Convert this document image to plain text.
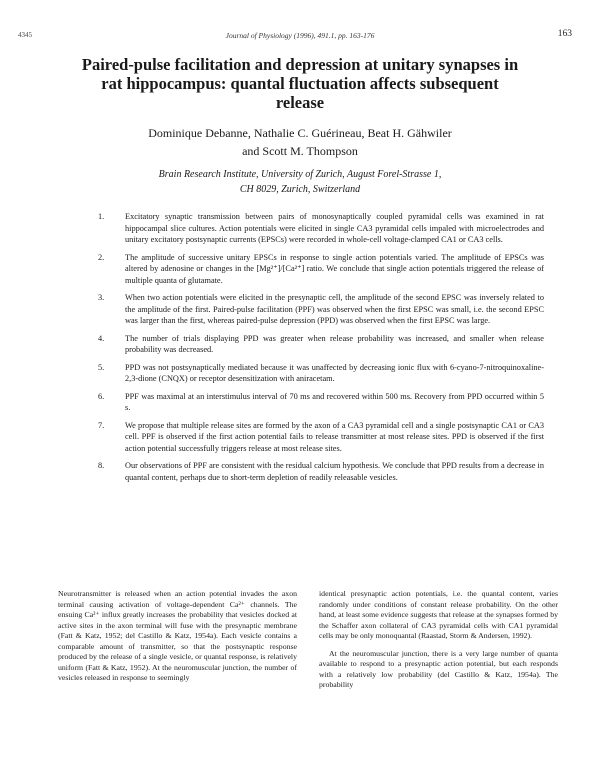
4345	Journal of Physiology (1996), 491.1, pp. 163-176	163
Paired-pulse facilitation and depression at unitary synapses in rat hippocampus: quantal fluctuation affects subsequent release
Dominique Debanne, Nathalie C. Guérineau, Beat H. Gähwiler
and Scott M. Thompson
Brain Research Institute, University of Zurich, August Forel-Strasse 1,
CH 8029, Zurich, Switzerland
1.	Excitatory synaptic transmission between pairs of monosynaptically coupled pyramidal cells was examined in rat hippocampal slice cultures. Action potentials were elicited in single CA3 pyramidal cells impaled with microelectrodes and unitary excitatory postsynaptic currents (EPSCs) were recorded in whole-cell voltage-clamped CA1 or CA3 cells.
2.	The amplitude of successive unitary EPSCs in response to single action potentials varied. The amplitude of EPSCs was altered by adenosine or changes in the [Mg²⁺]/[Ca²⁺] ratio. We conclude that single action potentials triggered the release of multiple quanta of glutamate.
3.	When two action potentials were elicited in the presynaptic cell, the amplitude of the second EPSC was inversely related to the amplitude of the first. Paired-pulse facilitation (PPF) was observed when the first EPSC was small, i.e. the second EPSC was larger than the first, whereas paired-pulse depression (PPD) was observed when the first EPSC was large.
4.	The number of trials displaying PPD was greater when release probability was increased, and smaller when release probability was decreased.
5.	PPD was not postsynaptically mediated because it was unaffected by decreasing ionic flux with 6-cyano-7-nitroquinoxaline-2,3-dione (CNQX) or receptor desensitization with aniracetam.
6.	PPF was maximal at an interstimulus interval of 70 ms and recovered within 500 ms. Recovery from PPD occurred within 5 s.
7.	We propose that multiple release sites are formed by the axon of a CA3 pyramidal cell and a single postsynaptic CA1 or CA3 cell. PPF is observed if the first action potential fails to release transmitter at most release sites. PPD is observed if the first action potential successfully triggers release at most release sites.
8.	Our observations of PPF are consistent with the residual calcium hypothesis. We conclude that PPD results from a decrease in quantal content, perhaps due to short-term depletion of readily releasable vesicles.

Neurotransmitter is released when an action potential invades the axon terminal causing activation of voltage-dependent Ca²⁺ channels. The ensuing Ca²⁺ influx greatly increases the probability that vesicles docked at active sites in the axon terminal will fuse with the presynaptic membrane (Fatt & Katz, 1952; del Castillo & Katz, 1954a). Each vesicle contains a comparable amount of transmitter, so that the postsynaptic response produced by the release of a single vesicle, or quantal response, is relatively uniform (Fatt & Katz, 1952). At the neuromuscular junction, the number of vesicles released in response to seemingly

identical presynaptic action potentials, i.e. the quantal content, varies randomly under conditions of constant release probability. On the other hand, at least some evidence suggests that release at the synapses formed by the Schaffer axon collateral of CA3 pyramidal cells with CA1 pyramidal cells may be only monoquantal (Raastad, Storm & Andersen, 1992).

At the neuromuscular junction, there is a very large number of quanta available to respond to a presynaptic action potential, but each responds with a relatively low probability (del Castillo & Katz, 1954a). The probability
